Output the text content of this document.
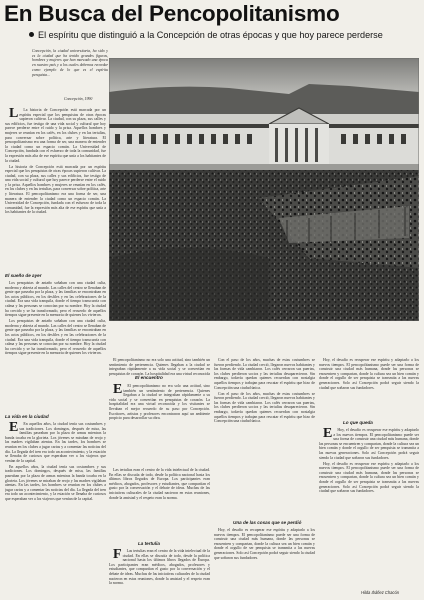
En Busca del Pencopolitanismo
El espíritu que distinguió a la Concepción de otras épocas y que hoy parece perderse
Concepción, la ciudad universitaria, ha sido y es la ciudad que ha tenido grandes figuras, hombres y mujeres que han marcado una época en nuestro país y a los cuales debemos recordar como ejemplo de lo que es el espíritu penquista...
Concepción, 1990

L La historia de Concepción está marcada por un espíritu especial que los penquistas de otras épocas supieron cultivar. La ciudad, con su plaza, sus calles y sus edificios, fue testigo de una vida social y cultural que hoy parece perderse entre el ruido y la prisa. Aquellos hombres y mujeres se reunían en los cafés, en los clubes y en las tertulias, para conversar sobre política, arte y literatura. El pencopolitanismo era una forma de ser, una manera de entender la ciudad como un espacio común. La Universidad de Concepción, fundada con el esfuerzo de toda la comunidad, fue la expresión más alta de ese espíritu que unía a los habitantes de la ciudad.

La historia de Concepción está marcada por un espíritu especial que los penquistas de otras épocas supieron cultivar. La ciudad, con su plaza, sus calles y sus edificios, fue testigo de una vida social y cultural que hoy parece perderse entre el ruido y la prisa. Aquellos hombres y mujeres se reunían en los cafés, en los clubes y en las tertulias, para conversar sobre política, arte y literatura. El pencopolitanismo era una forma de ser, una manera de entender la ciudad como un espacio común. La Universidad de Concepción, fundada con el esfuerzo de toda la comunidad, fue la expresión más alta de ese espíritu que unía a los habitantes de la ciudad.

El sueño de ayer

Los penquistas de antaño soñaban con una ciudad culta, moderna y abierta al mundo. Las calles del centro se llenaban de gente que paseaba por la plaza, y las familias se encontraban en los actos públicos, en los desfiles y en las celebraciones de la ciudad. Era una vida tranquila, donde el tiempo transcurría con calma y las personas se conocían por su nombre. Hoy la ciudad ha crecido y se ha transformado, pero el recuerdo de aquellos tiempos sigue presente en la memoria de quienes los vivieron.

Los penquistas de antaño soñaban con una ciudad culta, moderna y abierta al mundo. Las calles del centro se llenaban de gente que paseaba por la plaza, y las familias se encontraban en los actos públicos, en los desfiles y en las celebraciones de la ciudad. Era una vida tranquila, donde el tiempo transcurría con calma y las personas se conocían por su nombre. Hoy la ciudad ha crecido y se ha transformado, pero el recuerdo de aquellos tiempos sigue presente en la memoria de quienes los vivieron.

La vida en la ciudad

E En aquellos años, la ciudad tenía sus costumbres y sus tradiciones. Los domingos, después de misa, las familias paseaban por la plaza de armas mientras la banda tocaba en la glorieta. Los jóvenes se miraban de reojo y las madres vigilaban atentas. En las tardes, los hombres se reunían en los clubes a jugar cartas y a comentar las noticias del día. La llegada del tren era todo un acontecimiento, y la estación se llenaba de curiosos que esperaban ver a los viajeros que venían de la capital.

En aquellos años, la ciudad tenía sus costumbres y sus tradiciones. Los domingos, después de misa, las familias paseaban por la plaza de armas mientras la banda tocaba en la glorieta. Los jóvenes se miraban de reojo y las madres vigilaban atentas. En las tardes, los hombres se reunían en los clubes a jugar cartas y a comentar las noticias del día. La llegada del tren era todo un acontecimiento, y la estación se llenaba de curiosos que esperaban ver a los viajeros que venían de la capital.

El pencopolitanismo no era solo una actitud, sino también un sentimiento de pertenencia. Quienes llegaban a la ciudad se integraban rápidamente a su vida social y se convertían en penquistas de corazón. La hospitalidad era una virtud reconocida

El encuentro

E El pencopolitanismo no era solo una actitud, sino también un sentimiento de pertenencia. Quienes llegaban a la ciudad se integraban rápidamente a su vida social y se convertían en penquistas de corazón. La hospitalidad era una virtud reconocida y los visitantes se llevaban el mejor recuerdo de su paso por Concepción. Escritores, artistas y profesores encontraron aquí un ambiente propicio para desarrollar su obra.

Las tertulias eran el centro de la vida intelectual de la ciudad. En ellas se discutía de todo, desde la política nacional hasta los últimos libros llegados de Europa. Los participantes eran médicos, abogados, profesores y estudiantes, que compartían el gusto por la conversación y el debate de ideas. Muchas de las iniciativas culturales de la ciudad nacieron en estas reuniones, donde la amistad y el respeto eran la norma.

La tertulia

F Las tertulias eran el centro de la vida intelectual de la ciudad. En ellas se discutía de todo, desde la política nacional hasta los últimos libros llegados de Europa. Los participantes eran médicos, abogados, profesores y estudiantes, que compartían el gusto por la conversación y el debate de ideas. Muchas de las iniciativas culturales de la ciudad nacieron en estas reuniones, donde la amistad y el respeto eran la norma.

Con el paso de los años, muchas de estas costumbres se fueron perdiendo. La ciudad creció, llegaron nuevos habitantes y las formas de vida cambiaron. Los cafés cerraron sus puertas, los clubes perdieron socios y las tertulias desaparecieron. Sin embargo, todavía quedan quienes recuerdan con nostalgia aquellos tiempos y trabajan para rescatar el espíritu que hizo de Concepción una ciudad única.

Con el paso de los años, muchas de estas costumbres se fueron perdiendo. La ciudad creció, llegaron nuevos habitantes y las formas de vida cambiaron. Los cafés cerraron sus puertas, los clubes perdieron socios y las tertulias desaparecieron. Sin embargo, todavía quedan quienes recuerdan con nostalgia aquellos tiempos y trabajan para rescatar el espíritu que hizo de Concepción una ciudad única.

Una de las cosas que se perdió

Hoy, el desafío es recuperar ese espíritu y adaptarlo a los nuevos tiempos. El pencopolitanismo puede ser una forma de construir una ciudad más humana, donde las personas se encuentren y compartan, donde la cultura sea un bien común y donde el orgullo de ser penquista se transmita a las nuevas generaciones. Solo así Concepción podrá seguir siendo la ciudad que soñaron sus fundadores.

Hoy, el desafío es recuperar ese espíritu y adaptarlo a los nuevos tiempos. El pencopolitanismo puede ser una forma de construir una ciudad más humana, donde las personas se encuentren y compartan, donde la cultura sea un bien común y donde el orgullo de ser penquista se transmita a las nuevas generaciones. Solo así Concepción podrá seguir siendo la ciudad que soñaron sus fundadores.

Lo que queda

E Hoy, el desafío es recuperar ese espíritu y adaptarlo a los nuevos tiempos. El pencopolitanismo puede ser una forma de construir una ciudad más humana, donde las personas se encuentren y compartan, donde la cultura sea un bien común y donde el orgullo de ser penquista se transmita a las nuevas generaciones. Solo así Concepción podrá seguir siendo la ciudad que soñaron sus fundadores.

Hoy, el desafío es recuperar ese espíritu y adaptarlo a los nuevos tiempos. El pencopolitanismo puede ser una forma de construir una ciudad más humana, donde las personas se encuentren y compartan, donde la cultura sea un bien común y donde el orgullo de ser penquista se transmita a las nuevas generaciones. Solo así Concepción podrá seguir siendo la ciudad que soñaron sus fundadores.

Hilda Ibáñez Chacón
